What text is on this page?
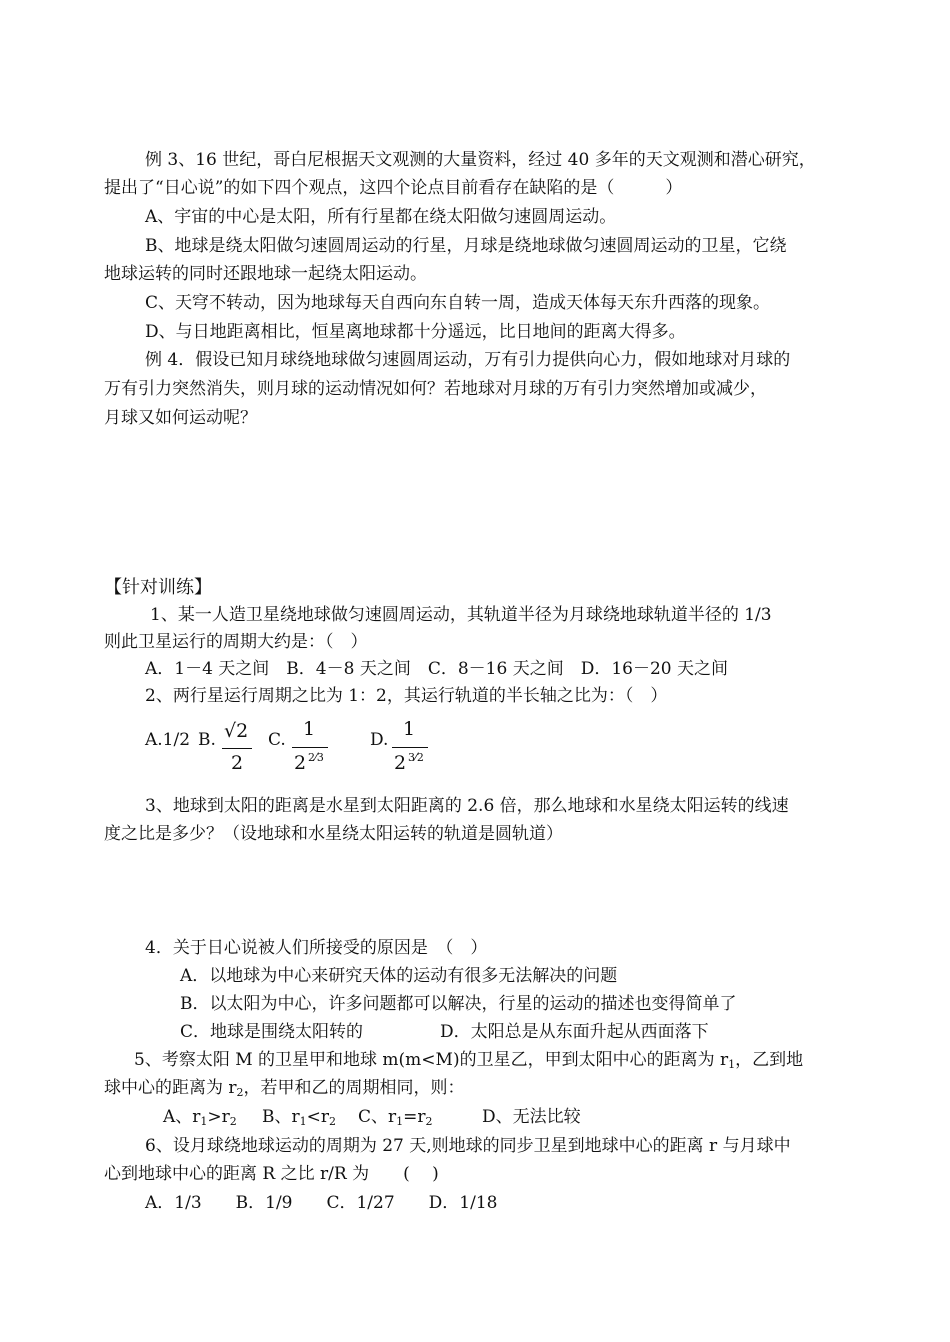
例 3、16 世纪，哥白尼根据天文观测的大量资料，经过 40 多年的天文观测和潜心研究，
提出了“日心说”的如下四个观点，这四个论点目前看存在缺陷的是（　　　）
A、宇宙的中心是太阳，所有行星都在绕太阳做匀速圆周运动。
B、地球是绕太阳做匀速圆周运动的行星，月球是绕地球做匀速圆周运动的卫星，它绕
地球运转的同时还跟地球一起绕太阳运动。
C、天穹不转动，因为地球每天自西向东自转一周，造成天体每天东升西落的现象。
D、与日地距离相比，恒星离地球都十分遥远，比日地间的距离大得多。
例 4．假设已知月球绕地球做匀速圆周运动，万有引力提供向心力，假如地球对月球的
万有引力突然消失，则月球的运动情况如何？若地球对月球的万有引力突然增加或减少，
月球又如何运动呢？
【针对训练】
1、某一人造卫星绕地球做匀速圆周运动，其轨道半径为月球绕地球轨道半径的 1/3
则此卫星运行的周期大约是：（　）
A．1－4 天之间　B．4－8 天之间　C．8－16 天之间　D．16－20 天之间
2、两行星运行周期之比为 1：2，其运行轨道的半长轴之比为：（　）
A.1/2 B. √2
2
C. 1
2 2⁄3
D. 1
2 3⁄2
3、地球到太阳的距离是水星到太阳距离的 2.6 倍，那么地球和水星绕太阳运转的线速
度之比是多少？（设地球和水星绕太阳运转的轨道是圆轨道）
4．关于日心说被人们所接受的原因是　（　）
A．以地球为中心来研究天体的运动有很多无法解决的问题
B．以太阳为中心，许多问题都可以解决，行星的运动的描述也变得简单了
C．地球是围绕太阳转的	D．太阳总是从东面升起从西面落下
5、考察太阳 M 的卫星甲和地球 m(m<M)的卫星乙，甲到太阳中心的距离为 $r_1$，乙到地
球中心的距离为 $r_2$，若甲和乙的周期相同，则：
A、$r_1>r_2$ B、$r_1<r_2$ C、$r_1=r_2$	D、无法比较
6、设月球绕地球运动的周期为 27 天,则地球的同步卫星到地球中心的距离 r 与月球中
心到地球中心的距离 R 之比 r/R 为　　(　 )
A．1/3　　B．1/9　　C．1/27　　D．1/18
